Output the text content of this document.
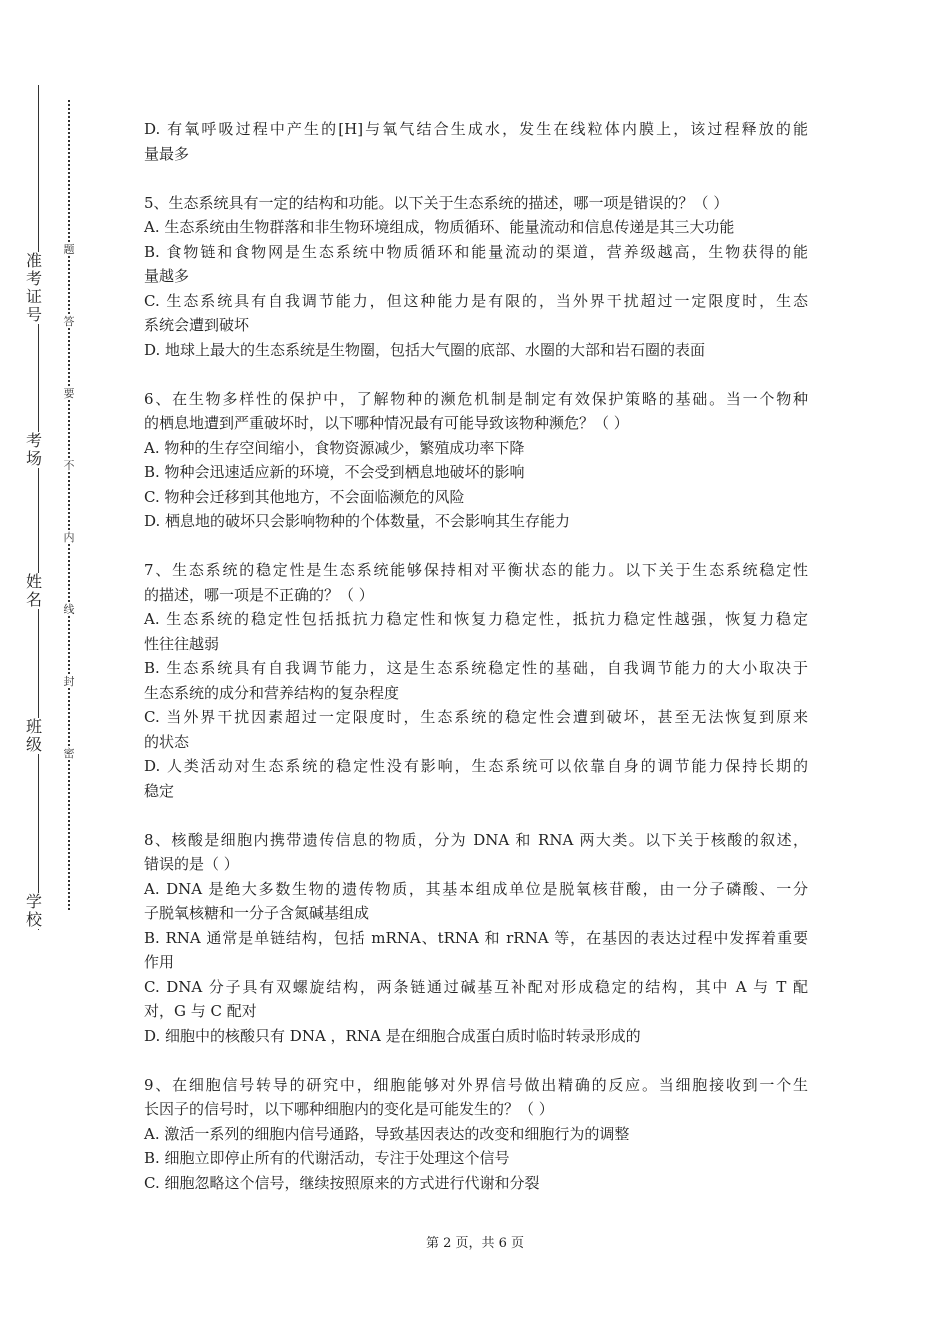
准考证号
考场
姓名
班级
学校
题
答
要
不
内
线
封
密
D. 有氧呼吸过程中产生的[H]与氧气结合生成水，发生在线粒体内膜上，该过程释放的能
量最多
5、生态系统具有一定的结构和功能。以下关于生态系统的描述，哪一项是错误的？（ ）
A. 生态系统由生物群落和非生物环境组成，物质循环、能量流动和信息传递是其三大功能
B. 食物链和食物网是生态系统中物质循环和能量流动的渠道，营养级越高，生物获得的能
量越多
C. 生态系统具有自我调节能力，但这种能力是有限的，当外界干扰超过一定限度时，生态
系统会遭到破坏
D. 地球上最大的生态系统是生物圈，包括大气圈的底部、水圈的大部和岩石圈的表面
6、在生物多样性的保护中，了解物种的濒危机制是制定有效保护策略的基础。当一个物种
的栖息地遭到严重破坏时，以下哪种情况最有可能导致该物种濒危？（ ）
A. 物种的生存空间缩小，食物资源减少，繁殖成功率下降
B. 物种会迅速适应新的环境，不会受到栖息地破坏的影响
C. 物种会迁移到其他地方，不会面临濒危的风险
D. 栖息地的破坏只会影响物种的个体数量，不会影响其生存能力
7、生态系统的稳定性是生态系统能够保持相对平衡状态的能力。以下关于生态系统稳定性
的描述，哪一项是不正确的？（ ）
A. 生态系统的稳定性包括抵抗力稳定性和恢复力稳定性，抵抗力稳定性越强，恢复力稳定
性往往越弱
B. 生态系统具有自我调节能力，这是生态系统稳定性的基础，自我调节能力的大小取决于
生态系统的成分和营养结构的复杂程度
C. 当外界干扰因素超过一定限度时，生态系统的稳定性会遭到破坏，甚至无法恢复到原来
的状态
D. 人类活动对生态系统的稳定性没有影响，生态系统可以依靠自身的调节能力保持长期的
稳定
8、核酸是细胞内携带遗传信息的物质，分为 DNA 和 RNA 两大类。以下关于核酸的叙述，
错误的是（ ）
A. DNA 是绝大多数生物的遗传物质，其基本组成单位是脱氧核苷酸，由一分子磷酸、一分
子脱氧核糖和一分子含氮碱基组成
B. RNA 通常是单链结构，包括 mRNA、tRNA 和 rRNA 等，在基因的表达过程中发挥着重要
作用
C. DNA 分子具有双螺旋结构，两条链通过碱基互补配对形成稳定的结构，其中 A 与 T 配
对，G 与 C 配对
D. 细胞中的核酸只有 DNA ，RNA 是在细胞合成蛋白质时临时转录形成的
9、在细胞信号转导的研究中，细胞能够对外界信号做出精确的反应。当细胞接收到一个生
长因子的信号时，以下哪种细胞内的变化是可能发生的？（ ）
A. 激活一系列的细胞内信号通路，导致基因表达的改变和细胞行为的调整
B. 细胞立即停止所有的代谢活动，专注于处理这个信号
C. 细胞忽略这个信号，继续按照原来的方式进行代谢和分裂
第 2 页，共 6 页
